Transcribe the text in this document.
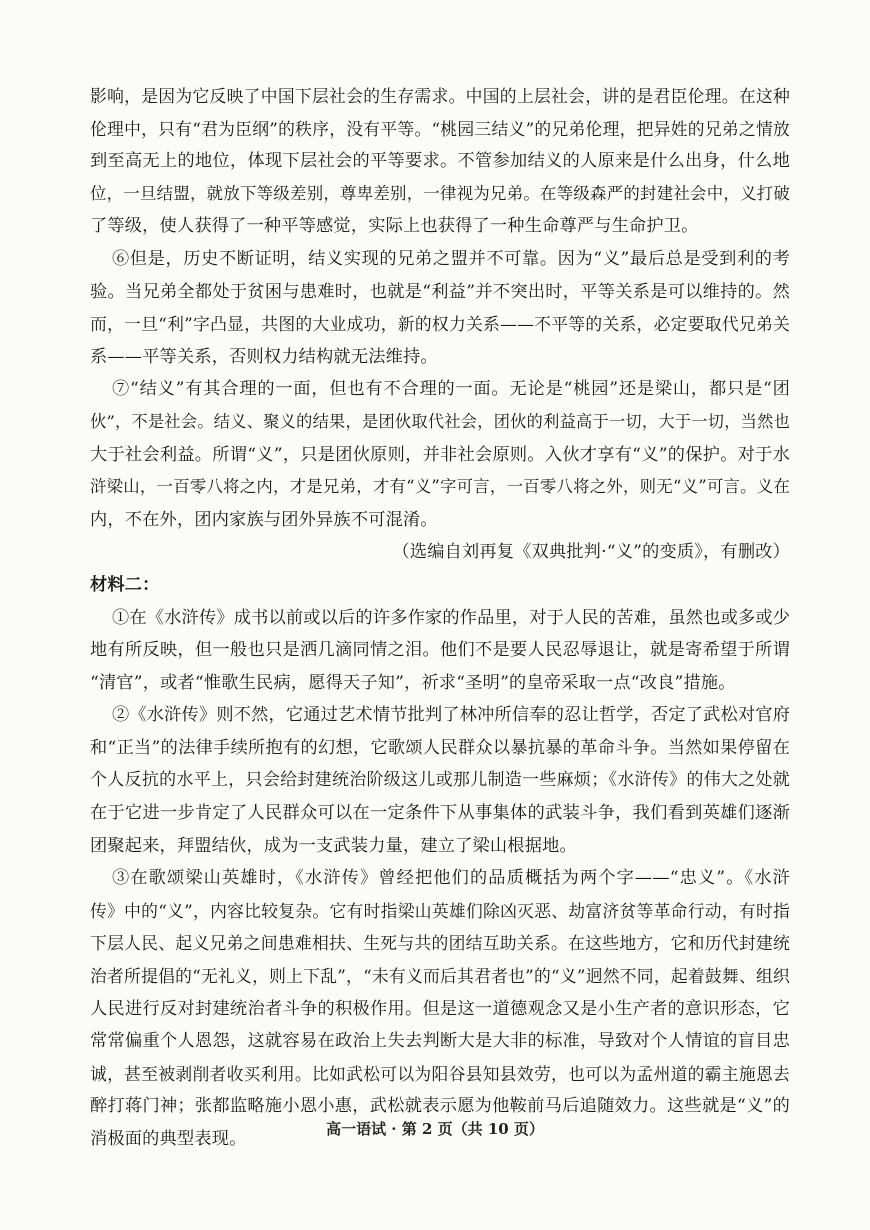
影响，是因为它反映了中国下层社会的生存需求。中国的上层社会，讲的是君臣伦理。在这种
伦理中，只有“君为臣纲”的秩序，没有平等。“桃园三结义”的兄弟伦理，把异姓的兄弟之情放
到至高无上的地位，体现下层社会的平等要求。不管参加结义的人原来是什么出身，什么地
位，一旦结盟，就放下等级差别，尊卑差别，一律视为兄弟。在等级森严的封建社会中，义打破
了等级，使人获得了一种平等感觉，实际上也获得了一种生命尊严与生命护卫。
⑥但是，历史不断证明，结义实现的兄弟之盟并不可靠。因为“义”最后总是受到利的考
验。当兄弟全都处于贫困与患难时，也就是“利益”并不突出时，平等关系是可以维持的。然
而，一旦“利”字凸显，共图的大业成功，新的权力关系——不平等的关系，必定要取代兄弟关
系——平等关系，否则权力结构就无法维持。
⑦“结义”有其合理的一面，但也有不合理的一面。无论是“桃园”还是梁山，都只是“团
伙”，不是社会。结义、聚义的结果，是团伙取代社会，团伙的利益高于一切，大于一切，当然也
大于社会利益。所谓“义”，只是团伙原则，并非社会原则。入伙才享有“义”的保护。对于水
浒梁山，一百零八将之内，才是兄弟，才有“义”字可言，一百零八将之外，则无“义”可言。义在
内，不在外，团内家族与团外异族不可混淆。
（选编自刘再复《双典批判·“义”的变质》，有删改）
材料二：
①在《水浒传》成书以前或以后的许多作家的作品里，对于人民的苦难，虽然也或多或少
地有所反映，但一般也只是洒几滴同情之泪。他们不是要人民忍辱退让，就是寄希望于所谓
“清官”，或者“惟歌生民病，愿得天子知”，祈求“圣明”的皇帝采取一点“改良”措施。
②《水浒传》则不然，它通过艺术情节批判了林冲所信奉的忍让哲学，否定了武松对官府
和“正当”的法律手续所抱有的幻想，它歌颂人民群众以暴抗暴的革命斗争。当然如果停留在
个人反抗的水平上，只会给封建统治阶级这儿或那儿制造一些麻烦；《水浒传》的伟大之处就
在于它进一步肯定了人民群众可以在一定条件下从事集体的武装斗争，我们看到英雄们逐渐
团聚起来，拜盟结伙，成为一支武装力量，建立了梁山根据地。
③在歌颂梁山英雄时，《水浒传》曾经把他们的品质概括为两个字——“忠义”。《水浒
传》中的“义”，内容比较复杂。它有时指梁山英雄们除凶灭恶、劫富济贫等革命行动，有时指
下层人民、起义兄弟之间患难相扶、生死与共的团结互助关系。在这些地方，它和历代封建统
治者所提倡的“无礼义，则上下乱”，“未有义而后其君者也”的“义”迥然不同，起着鼓舞、组织
人民进行反对封建统治者斗争的积极作用。但是这一道德观念又是小生产者的意识形态，它
常常偏重个人恩怨，这就容易在政治上失去判断大是大非的标准，导致对个人情谊的盲目忠
诚，甚至被剥削者收买利用。比如武松可以为阳谷县知县效劳，也可以为孟州道的霸主施恩去
醉打蒋门神；张都监略施小恩小惠，武松就表示愿为他鞍前马后追随效力。这些就是“义”的
消极面的典型表现。	高一语试 · 第 2 页（共 10 页）
